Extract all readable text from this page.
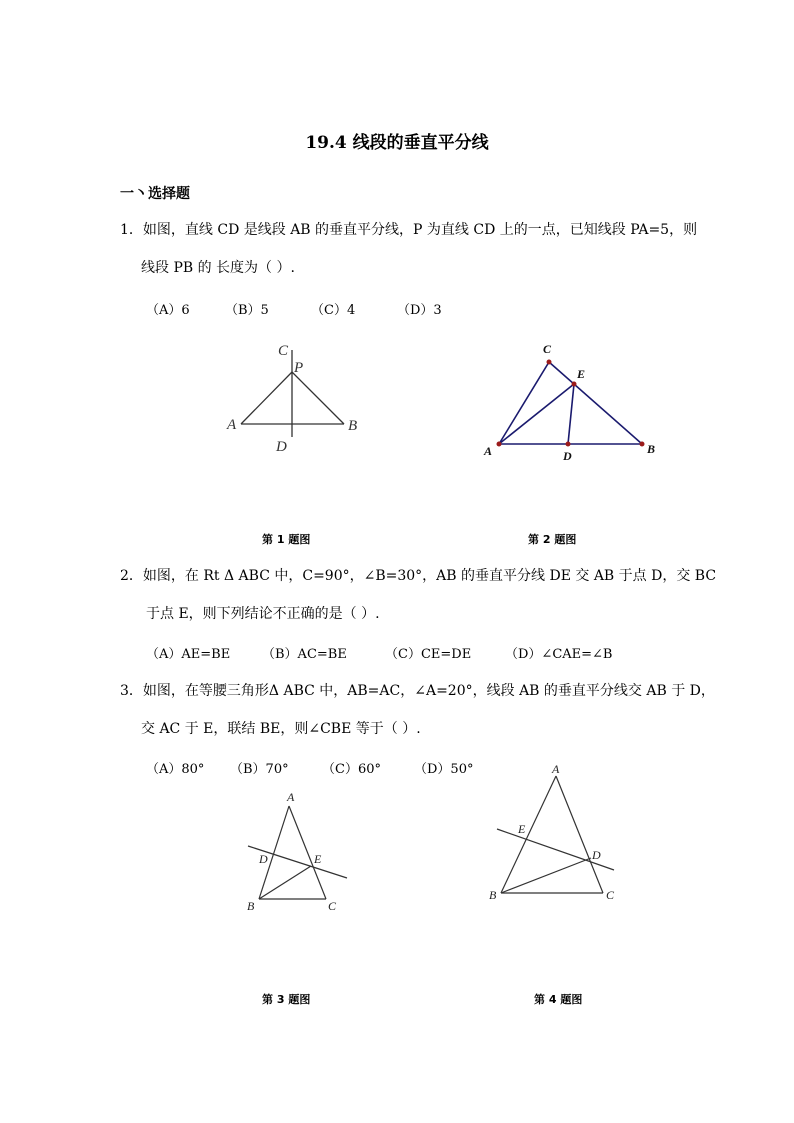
19.4 线段的垂直平分线
一丶选择题
1．如图，直线 CD 是线段 AB 的垂直平分线，P 为直线 CD 上的一点，已知线段 PA=5，则
线段 PB 的 长度为（ ）.
（A）6	（B）5	（C）4	（D）3
C
P
A	B
D
C
E
A	D	B
第 1 题图	第 2 题图
2．如图，在 Rt Δ ABC 中，C=90°，∠B=30°，AB 的垂直平分线 DE 交 AB 于点 D，交 BC
于点 E，则下列结论不正确的是（ ）.
（A）AE=BE （B）AC=BE	（C）CE=DE	（D）∠CAE=∠B
3．如图，在等腰三角形Δ ABC 中，AB=AC，∠A=20°，线段 AB 的垂直平分线交 AB 于 D，
交 AC 于 E，联结 BE，则∠CBE 等于（ ）.
（A）80° （B）70°	（C）60°	（D）50°
A
D	E
B	C
A
E
D
B	C
第 3 题图	第 4 题图
